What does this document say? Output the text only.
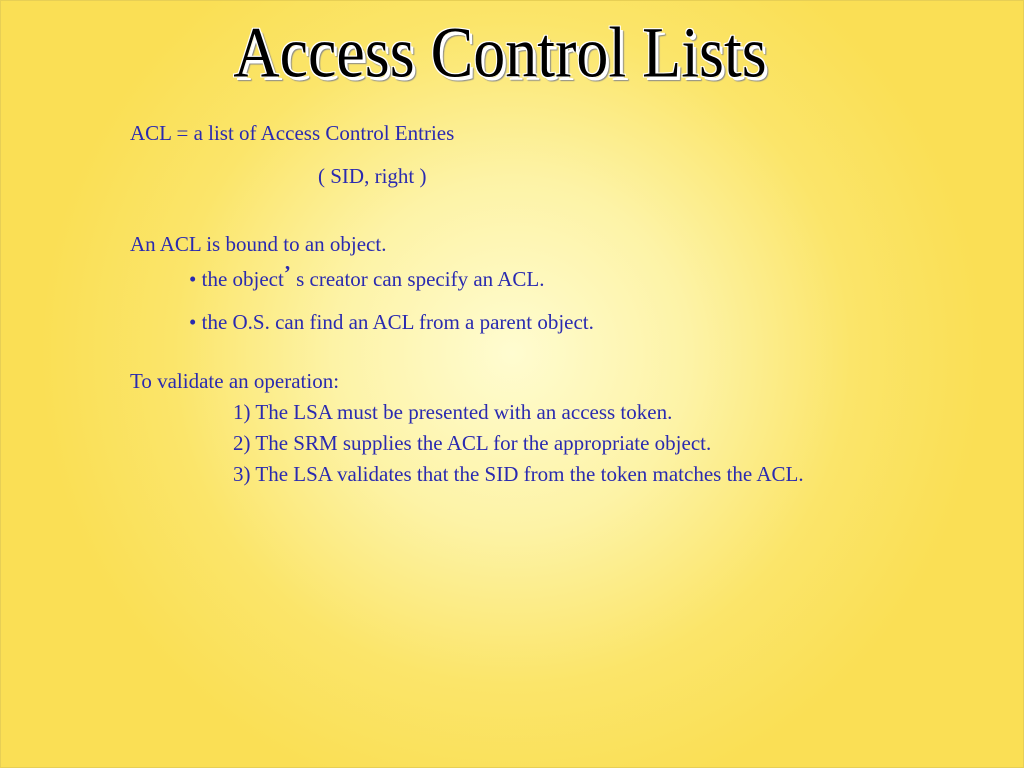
Access Control Lists
ACL = a list of Access Control Entries
( SID, right )
An ACL is bound to an object.
• the object’ s creator can specify an ACL.
• the O.S. can find an ACL from a parent object.
To validate an operation:
1) The LSA must be presented with an access token.
2) The SRM supplies the ACL for the appropriate object.
3) The LSA validates that the SID from the token matches the ACL.
